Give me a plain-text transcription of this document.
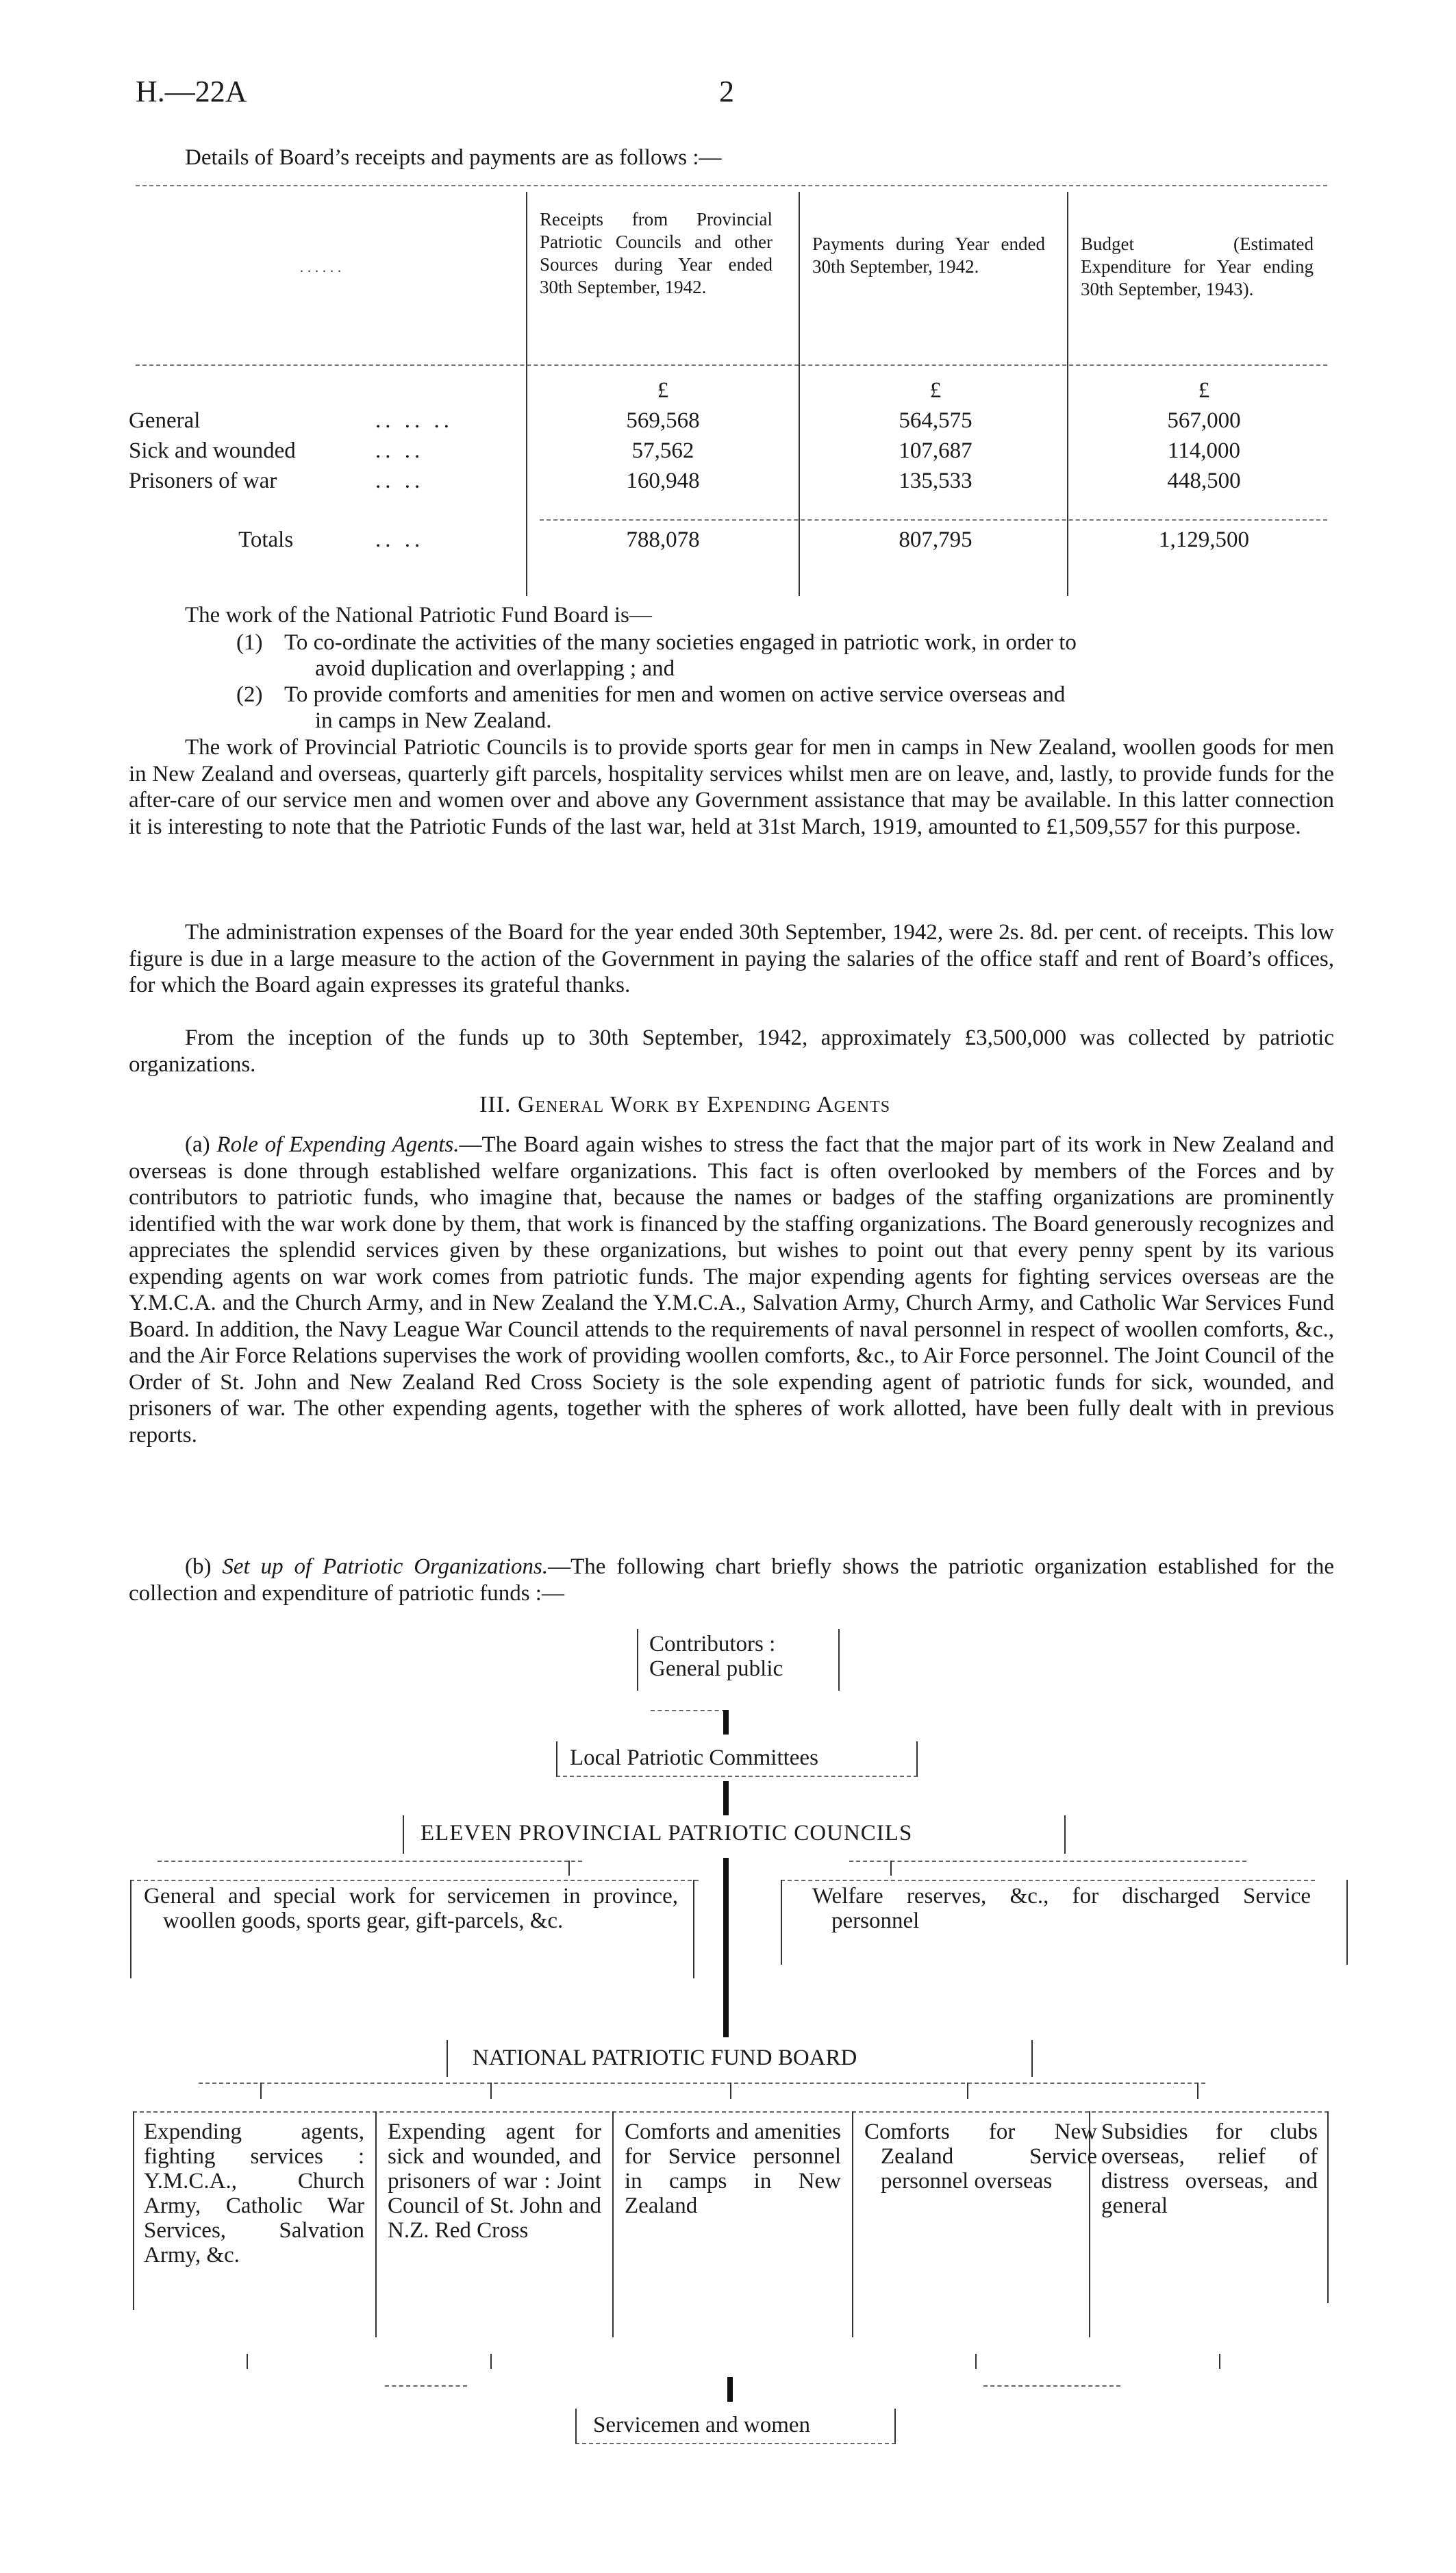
H.—22A	2
Details of Board’s receipts and payments are as follows :—
Receipts from Provincial Patriotic Councils and other Sources during Year ended 30th September, 1942.
Payments during Year ended 30th September, 1942.
Budget (Estimated Expenditure for Year ending 30th September, 1943).
......
£	£	£
General	.. .. ..	569,568	564,575	567,000
Sick and wounded	.. ..	57,562	107,687	114,000
Prisoners of war	.. ..	160,948	135,533	448,500
Totals	.. ..	788,078	807,795	1,129,500
The work of the National Patriotic Fund Board is—
(1) To co-ordinate the activities of the many societies engaged in patriotic work, in order to
avoid duplication and overlapping ; and
(2) To provide comforts and amenities for men and women on active service overseas and
in camps in New Zealand.
The work of Provincial Patriotic Councils is to provide sports gear for men in camps in New Zealand, woollen goods for men in New Zealand and overseas, quarterly gift parcels, hospitality services whilst men are on leave, and, lastly, to provide funds for the after-care of our service men and women over and above any Government assistance that may be available. In this latter connection it is interesting to note that the Patriotic Funds of the last war, held at 31st March, 1919, amounted to £1,509,557 for this purpose.
The administration expenses of the Board for the year ended 30th September, 1942, were 2s. 8d. per cent. of receipts. This low figure is due in a large measure to the action of the Government in paying the salaries of the office staff and rent of Board’s offices, for which the Board again expresses its grateful thanks.
From the inception of the funds up to 30th September, 1942, approximately £3,500,000 was collected by patriotic organizations.
III. General Work by Expending Agents
(a) Role of Expending Agents.—The Board again wishes to stress the fact that the major part of its work in New Zealand and overseas is done through established welfare organizations. This fact is often overlooked by members of the Forces and by contributors to patriotic funds, who imagine that, because the names or badges of the staffing organizations are prominently identified with the war work done by them, that work is financed by the staffing organizations. The Board generously recognizes and appreciates the splendid services given by these organizations, but wishes to point out that every penny spent by its various expending agents on war work comes from patriotic funds. The major expending agents for fighting services overseas are the Y.M.C.A. and the Church Army, and in New Zealand the Y.M.C.A., Salvation Army, Church Army, and Catholic War Services Fund Board. In addition, the Navy League War Council attends to the requirements of naval personnel in respect of woollen comforts, &c., and the Air Force Relations supervises the work of providing woollen comforts, &c., to Air Force personnel. The Joint Council of the Order of St. John and New Zealand Red Cross Society is the sole expending agent of patriotic funds for sick, wounded, and prisoners of war. The other expending agents, together with the spheres of work allotted, have been fully dealt with in previous reports.
(b) Set up of Patriotic Organizations.—The following chart briefly shows the patriotic organization established for the collection and expenditure of patriotic funds :—
Contributors :
General public
Local Patriotic Committees
ELEVEN PROVINCIAL PATRIOTIC COUNCILS
General and special work for servicemen in province, woollen goods, sports gear, gift-parcels, &c.
Welfare reserves, &c., for discharged Service personnel
NATIONAL PATRIOTIC FUND BOARD
Expending agents, fighting services : Y.M.C.A., Church Army, Catholic War Services, Salvation Army, &c.
Expending agent for sick and wounded, and prisoners of war : Joint Council of St. John and N.Z. Red Cross
Comforts and amenities for Service personnel in camps in New Zealand
Comforts for New Zealand Service personnel overseas
Subsidies for clubs overseas, relief of distress overseas, and general
Servicemen and women
